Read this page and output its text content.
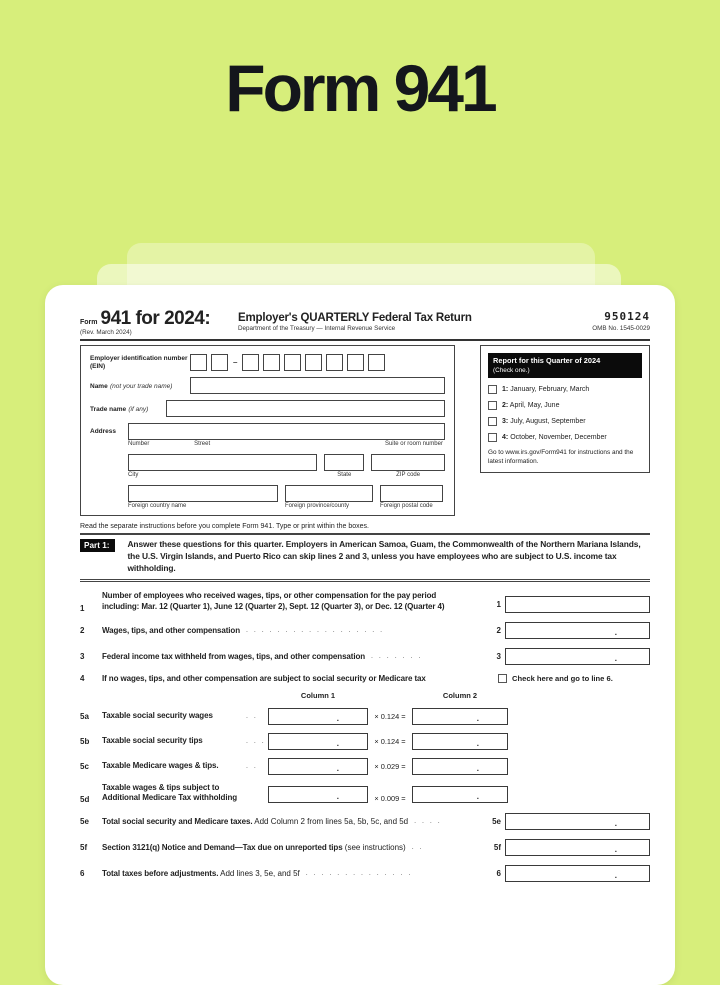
Form 941
Form 941 for 2024:
(Rev. March 2024)
Employer's QUARTERLY Federal Tax Return
Department of the Treasury — Internal Revenue Service
950124
OMB No. 1545-0029
Employer identification number (EIN)	–
Name (not your trade name)
Trade name (if any)
Address
Number	Street	Suite or room number
City	State	ZIP code
Foreign country name	Foreign province/county	Foreign postal code
Report for this Quarter of 2024
(Check one.)
1: January, February, March
2: April, May, June
3: July, August, September
4: October, November, December
Go to www.irs.gov/Form941 for instructions and the latest information.
Read the separate instructions before you complete Form 941. Type or print within the boxes.
Part 1:	Answer these questions for this quarter. Employers in American Samoa, Guam, the Commonwealth of the Northern Mariana Islands, the U.S. Virgin Islands, and Puerto Rico can skip lines 2 and 3, unless you have employees who are subject to U.S. income tax withholding.
1
Number of employees who received wages, tips, or other compensation for the pay period
including: Mar. 12 (Quarter 1), June 12 (Quarter 2), Sept. 12 (Quarter 3), or Dec. 12 (Quarter 4)	1
2	Wages, tips, and other compensation . . . . . . . . . . . . . . . . . .	2	.
3	Federal income tax withheld from wages, tips, and other compensation . . . . . . .	3	.
4	If no wages, tips, and other compensation are subject to social security or Medicare tax	Check here and go to line 6.
Column 1	Column 2
5a	Taxable social security wages	. .	.	× 0.124 =	.
5b	Taxable social security tips	. . .	.	× 0.124 =	.
5c	Taxable Medicare wages & tips.	. .	.	× 0.029 =	.
5d
Taxable wages & tips subject to
Additional Medicare Tax withholding	.	× 0.009 =	.
5e	Total social security and Medicare taxes. Add Column 2 from lines 5a, 5b, 5c, and 5d . . . .	5e	.
5f	Section 3121(q) Notice and Demand—Tax due on unreported tips (see instructions) . .	5f	.
6	Total taxes before adjustments. Add lines 3, 5e, and 5f . . . . . . . . . . . . . .	6	.
